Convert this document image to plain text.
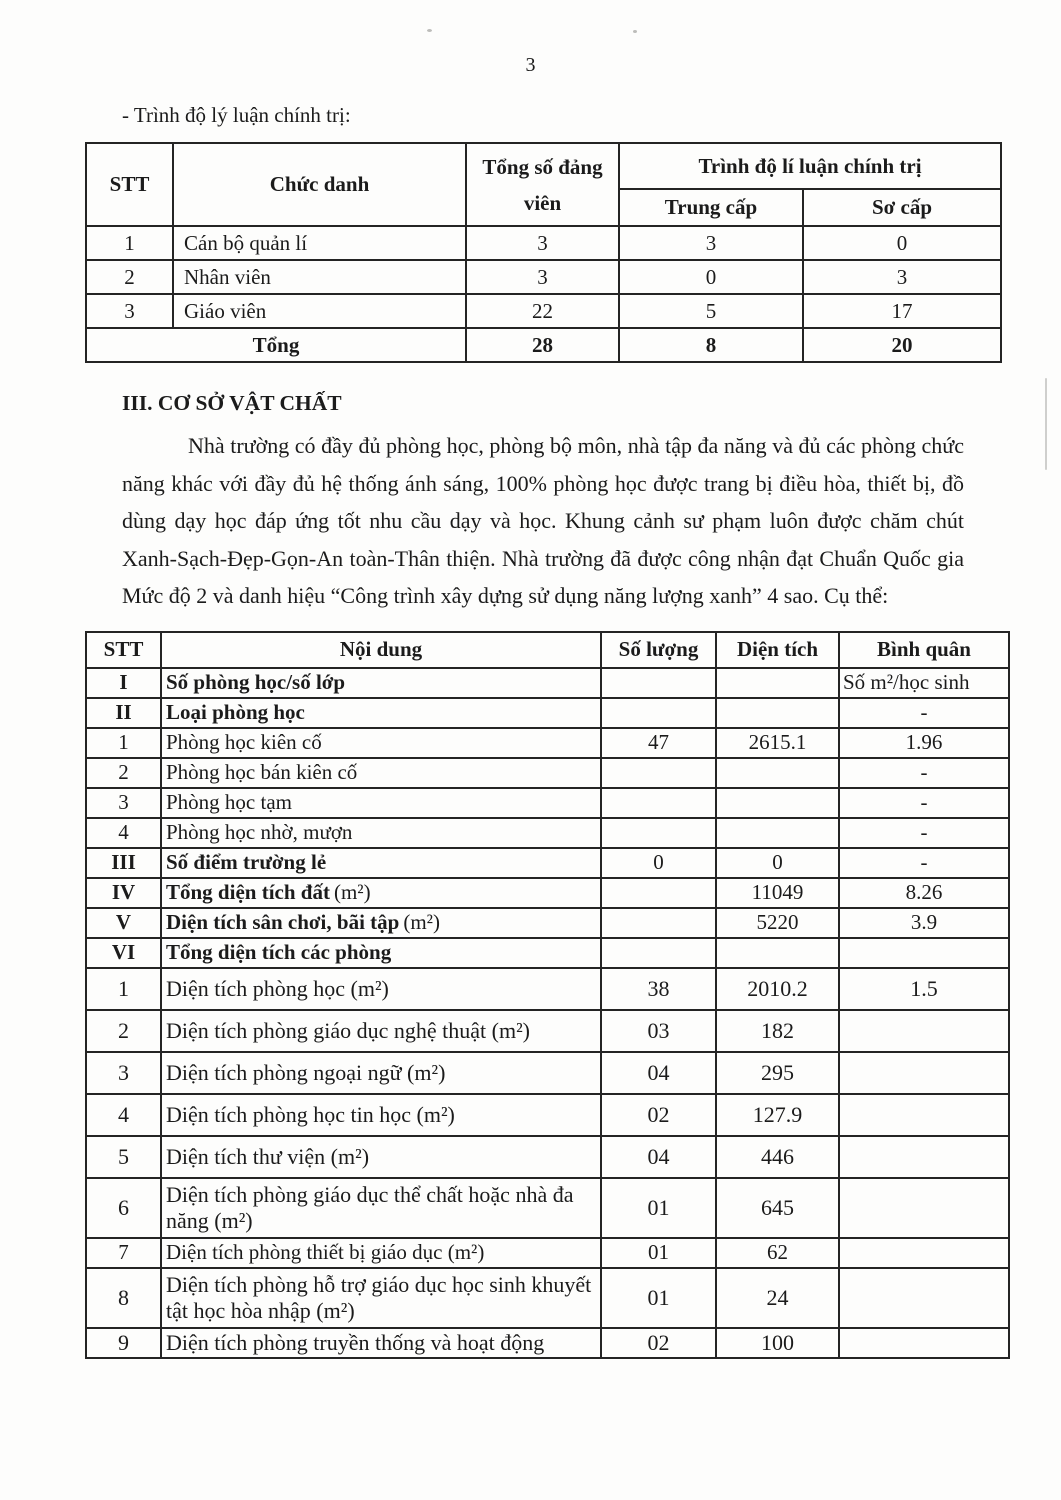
3
- Trình độ lý luận chính trị:
STT	Chức danh	Tổng số đảng viên	Trình độ lí luận chính trị	
			Trung cấp	Sơ cấp
1	Cán bộ quản lí	3	3	0
2	Nhân viên	3	0	3
3	Giáo viên	22	5	17
Tổng		28	8	20
III. CƠ SỞ VẬT CHẤT
Nhà trường có đầy đủ phòng học, phòng bộ môn, nhà tập đa năng và đủ các phòng chức năng khác với đầy đủ hệ thống ánh sáng, 100% phòng học được trang bị điều hòa, thiết bị, đồ dùng dạy học đáp ứng tốt nhu cầu dạy và học. Khung cảnh sư phạm luôn được chăm chút Xanh-Sạch-Đẹp-Gọn-An toàn-Thân thiện. Nhà trường đã được công nhận đạt Chuẩn Quốc gia Mức độ 2 và danh hiệu “Công trình xây dựng sử dụng năng lượng xanh” 4 sao. Cụ thể:
STT	Nội dung	Số lượng	Diện tích	Bình quân
I	Số phòng học/số lớp			Số m²/học sinh
II	Loại phòng học			-
1	Phòng học kiên cố	47	2615.1	1.96
2	Phòng học bán kiên cố			-
3	Phòng học tạm			-
4	Phòng học nhờ, mượn			-
III	Số điểm trường lẻ	0	0	-
IV	Tổng diện tích đất (m²)		11049	8.26
V	Diện tích sân chơi, bãi tập (m²)		5220	3.9
VI	Tổng diện tích các phòng			
1	Diện tích phòng học (m²)	38	2010.2	1.5
2	Diện tích phòng giáo dục nghệ thuật (m²)	03	182	
3	Diện tích phòng ngoại ngữ (m²)	04	295	
4	Diện tích phòng học tin học (m²)	02	127.9	
5	Diện tích thư viện (m²)	04	446	
6	Diện tích phòng giáo dục thể chất hoặc nhà đa năng (m²)	01	645	
7	Diện tích phòng thiết bị giáo dục (m²)	01	62	
8	Diện tích phòng hỗ trợ giáo dục học sinh khuyết tật học hòa nhập (m²)	01	24	
9	Diện tích phòng truyền thống và hoạt động	02	100	
